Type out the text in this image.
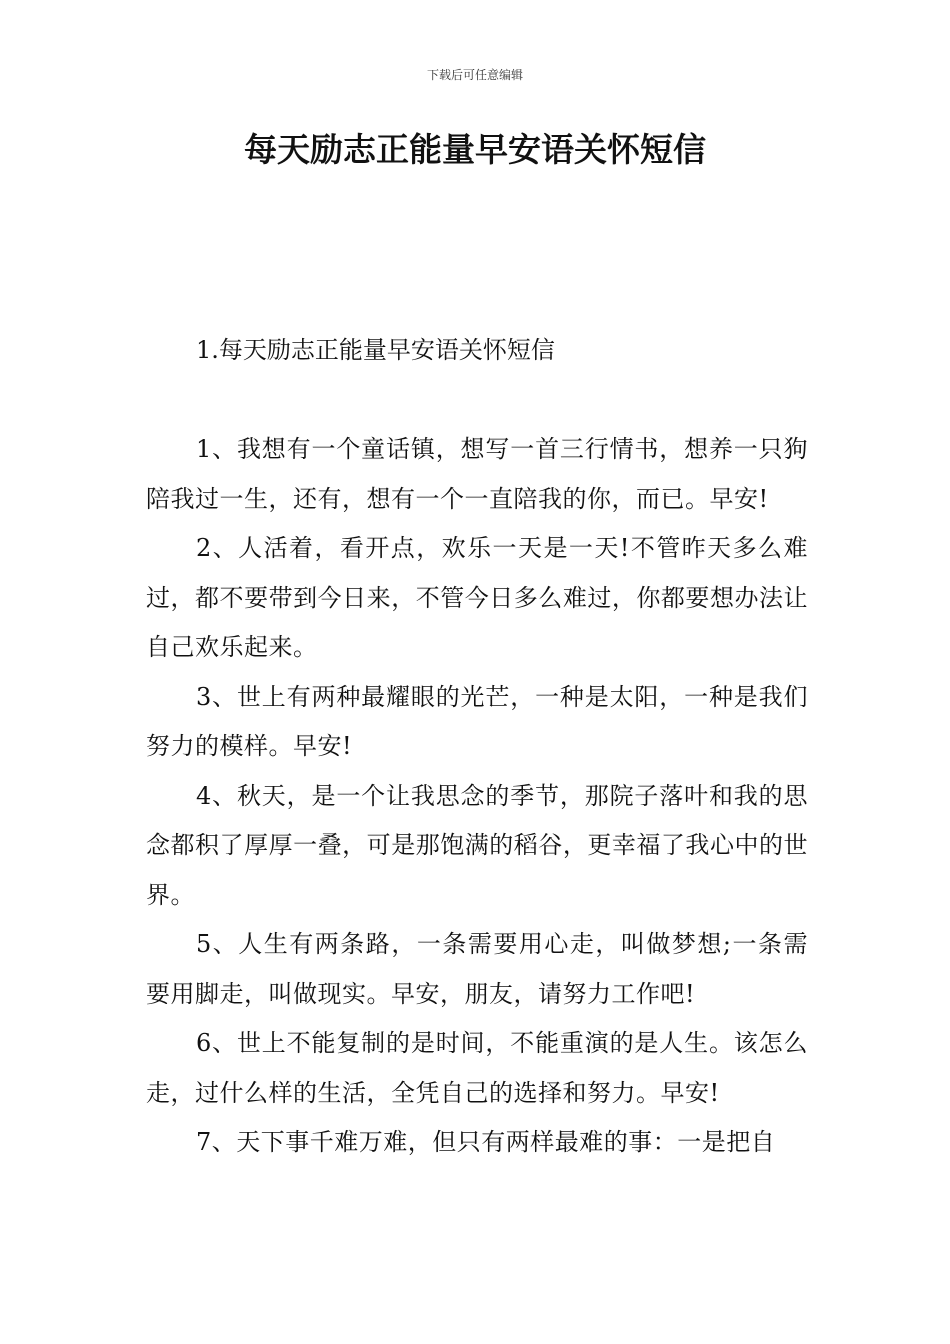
下载后可任意编辑
每天励志正能量早安语关怀短信
1.每天励志正能量早安语关怀短信

1、我想有一个童话镇，想写一首三行情书，想养一只狗陪我过一生，还有，想有一个一直陪我的你，而已。早安!

2、人活着，看开点，欢乐一天是一天!不管昨天多么难过，都不要带到今日来，不管今日多么难过，你都要想办法让自己欢乐起来。

3、世上有两种最耀眼的光芒，一种是太阳，一种是我们努力的模样。早安!

4、秋天，是一个让我思念的季节，那院子落叶和我的思念都积了厚厚一叠，可是那饱满的稻谷，更幸福了我心中的世界。

5、人生有两条路，一条需要用心走，叫做梦想;一条需要用脚走，叫做现实。早安，朋友，请努力工作吧!

6、世上不能复制的是时间，不能重演的是人生。该怎么走，过什么样的生活，全凭自己的选择和努力。早安!

7、天下事千难万难，但只有两样最难的事：一是把自
